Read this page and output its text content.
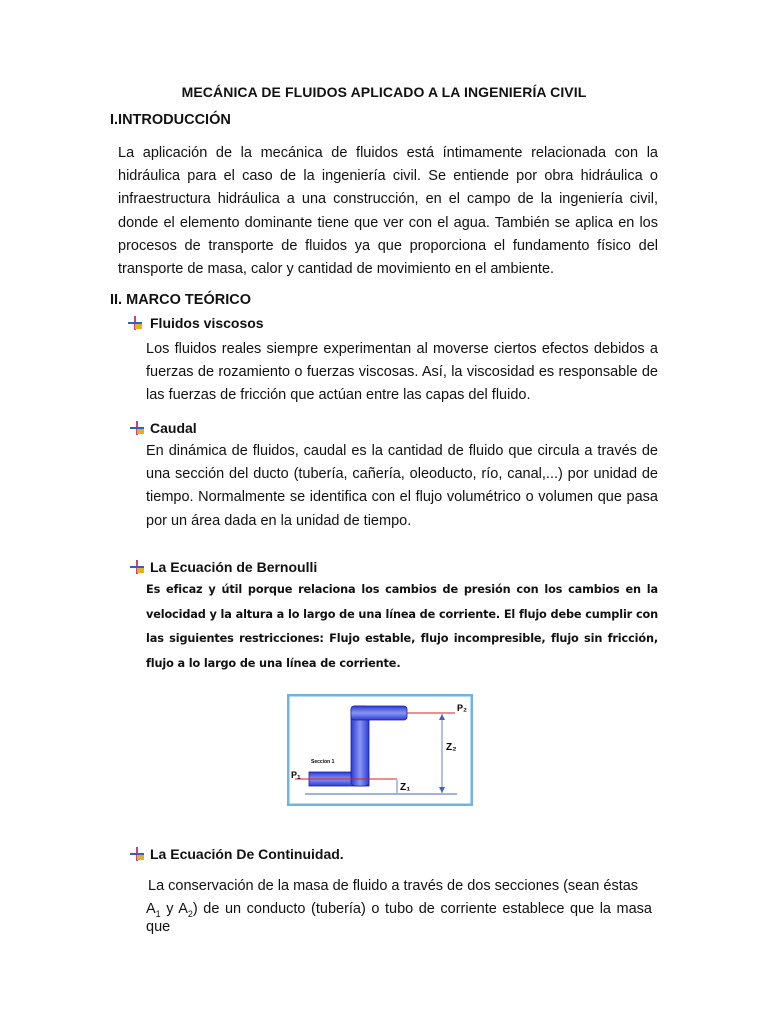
MECÁNICA DE FLUIDOS APLICADO A LA INGENIERÍA CIVIL
I.INTRODUCCIÓN
La aplicación de la mecánica de fluidos está íntimamente relacionada con la hidráulica para el caso de la ingeniería civil. Se entiende por obra hidráulica o infraestructura hidráulica a una construcción, en el campo de la ingeniería civil, donde el elemento dominante tiene que ver con el agua. También se aplica en los procesos de transporte de fluidos ya que proporciona el fundamento físico del transporte de masa, calor y cantidad de movimiento en el ambiente.
II. MARCO TEÓRICO
Fluidos viscosos
Los fluidos reales siempre experimentan al moverse ciertos efectos debidos a fuerzas de rozamiento o fuerzas viscosas. Así, la viscosidad es responsable de las fuerzas de fricción que actúan entre las capas del fluido.
Caudal
En dinámica de fluidos, caudal es la cantidad de fluido que circula a través de una sección del ducto (tubería, cañería, oleoducto, río, canal,...) por unidad de tiempo. Normalmente se identifica con el flujo volumétrico o volumen que pasa por un área dada en la unidad de tiempo.
La Ecuación de Bernoulli
Es eficaz y útil porque relaciona los cambios de presión con los cambios en la velocidad y la altura a lo largo de una línea de corriente. El flujo debe cumplir con las siguientes restricciones: Flujo estable, flujo incompresible, flujo sin fricción, flujo a lo largo de una línea de corriente.
P₂
Z₂
Z₁
P₁
Seccion 1
La Ecuación De Continuidad.
La conservación de la masa de fluido a través de dos secciones (sean éstas
$A_1$ y $A_2$) de un conducto (tubería) o tubo de corriente establece que la masa que
